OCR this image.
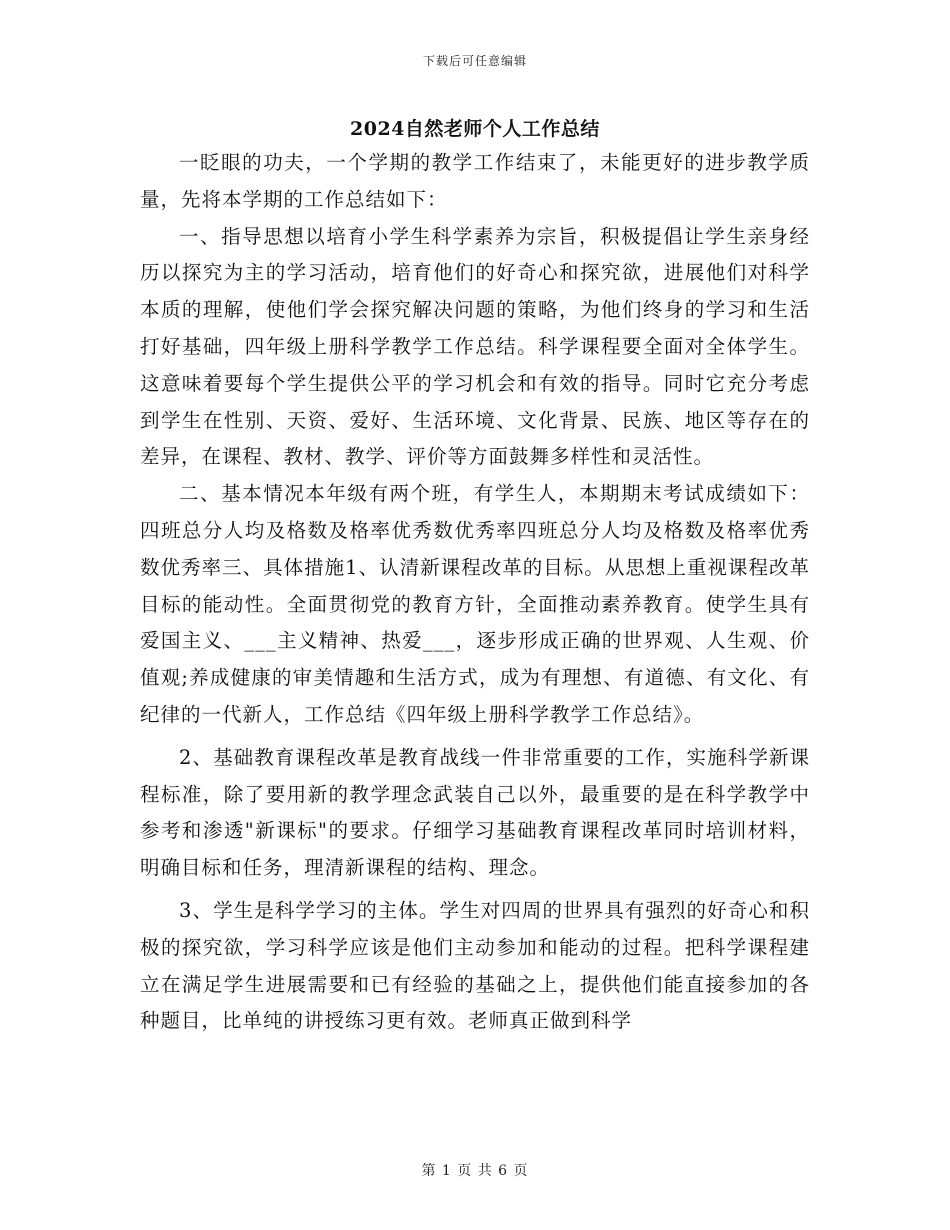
下载后可任意编辑
2024自然老师个人工作总结

一眨眼的功夫，一个学期的教学工作结束了，未能更好的进步教学质量，先将本学期的工作总结如下：

一、指导思想以培育小学生科学素养为宗旨，积极提倡让学生亲身经历以探究为主的学习活动，培育他们的好奇心和探究欲，进展他们对科学本质的理解，使他们学会探究解决问题的策略，为他们终身的学习和生活打好基础，四年级上册科学教学工作总结。科学课程要全面对全体学生。这意味着要每个学生提供公平的学习机会和有效的指导。同时它充分考虑到学生在性别、天资、爱好、生活环境、文化背景、民族、地区等存在的差异，在课程、教材、教学、评价等方面鼓舞多样性和灵活性。

二、基本情况本年级有两个班，有学生人，本期期末考试成绩如下：四班总分人均及格数及格率优秀数优秀率四班总分人均及格数及格率优秀数优秀率三、具体措施1、认清新课程改革的目标。从思想上重视课程改革目标的能动性。全面贯彻党的教育方针，全面推动素养教育。使学生具有爱国主义、___主义精神、热爱___，逐步形成正确的世界观、人生观、价值观;养成健康的审美情趣和生活方式，成为有理想、有道德、有文化、有纪律的一代新人，工作总结《四年级上册科学教学工作总结》。

2、基础教育课程改革是教育战线一件非常重要的工作，实施科学新课程标准，除了要用新的教学理念武装自己以外，最重要的是在科学教学中参考和渗透"新课标"的要求。仔细学习基础教育课程改革同时培训材料，明确目标和任务，理清新课程的结构、理念。

3、学生是科学学习的主体。学生对四周的世界具有强烈的好奇心和积极的探究欲，学习科学应该是他们主动参加和能动的过程。把科学课程建立在满足学生进展需要和已有经验的基础之上，提供他们能直接参加的各种题目，比单纯的讲授练习更有效。老师真正做到科学

第 1 页 共 6 页
